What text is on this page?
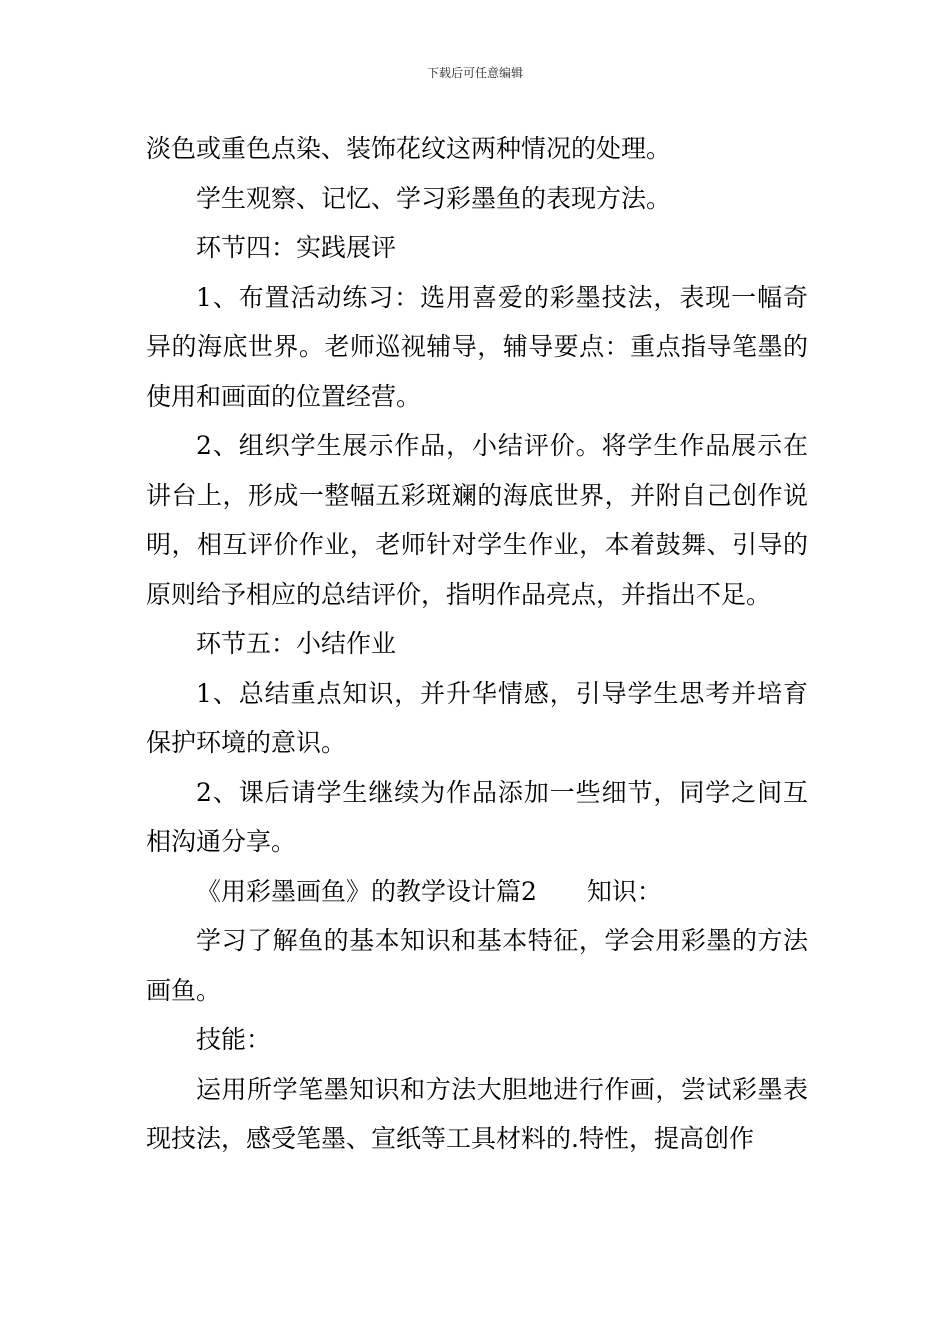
下载后可任意编辑

淡色或重色点染、装饰花纹这两种情况的处理。

学生观察、记忆、学习彩墨鱼的表现方法。

环节四：实践展评

1、布置活动练习：选用喜爱的彩墨技法，表现一幅奇异的海底世界。老师巡视辅导，辅导要点：重点指导笔墨的使用和画面的位置经营。

2、组织学生展示作品，小结评价。将学生作品展示在讲台上，形成一整幅五彩斑斓的海底世界，并附自己创作说明，相互评价作业，老师针对学生作业，本着鼓舞、引导的原则给予相应的总结评价，指明作品亮点，并指出不足。

环节五：小结作业

1、总结重点知识，并升华情感，引导学生思考并培育保护环境的意识。

2、课后请学生继续为作品添加一些细节，同学之间互相沟通分享。

《用彩墨画鱼》的教学设计篇2　　知识：

学习了解鱼的基本知识和基本特征，学会用彩墨的方法画鱼。

技能：

运用所学笔墨知识和方法大胆地进行作画，尝试彩墨表现技法，感受笔墨、宣纸等工具材料的.特性，提高创作
